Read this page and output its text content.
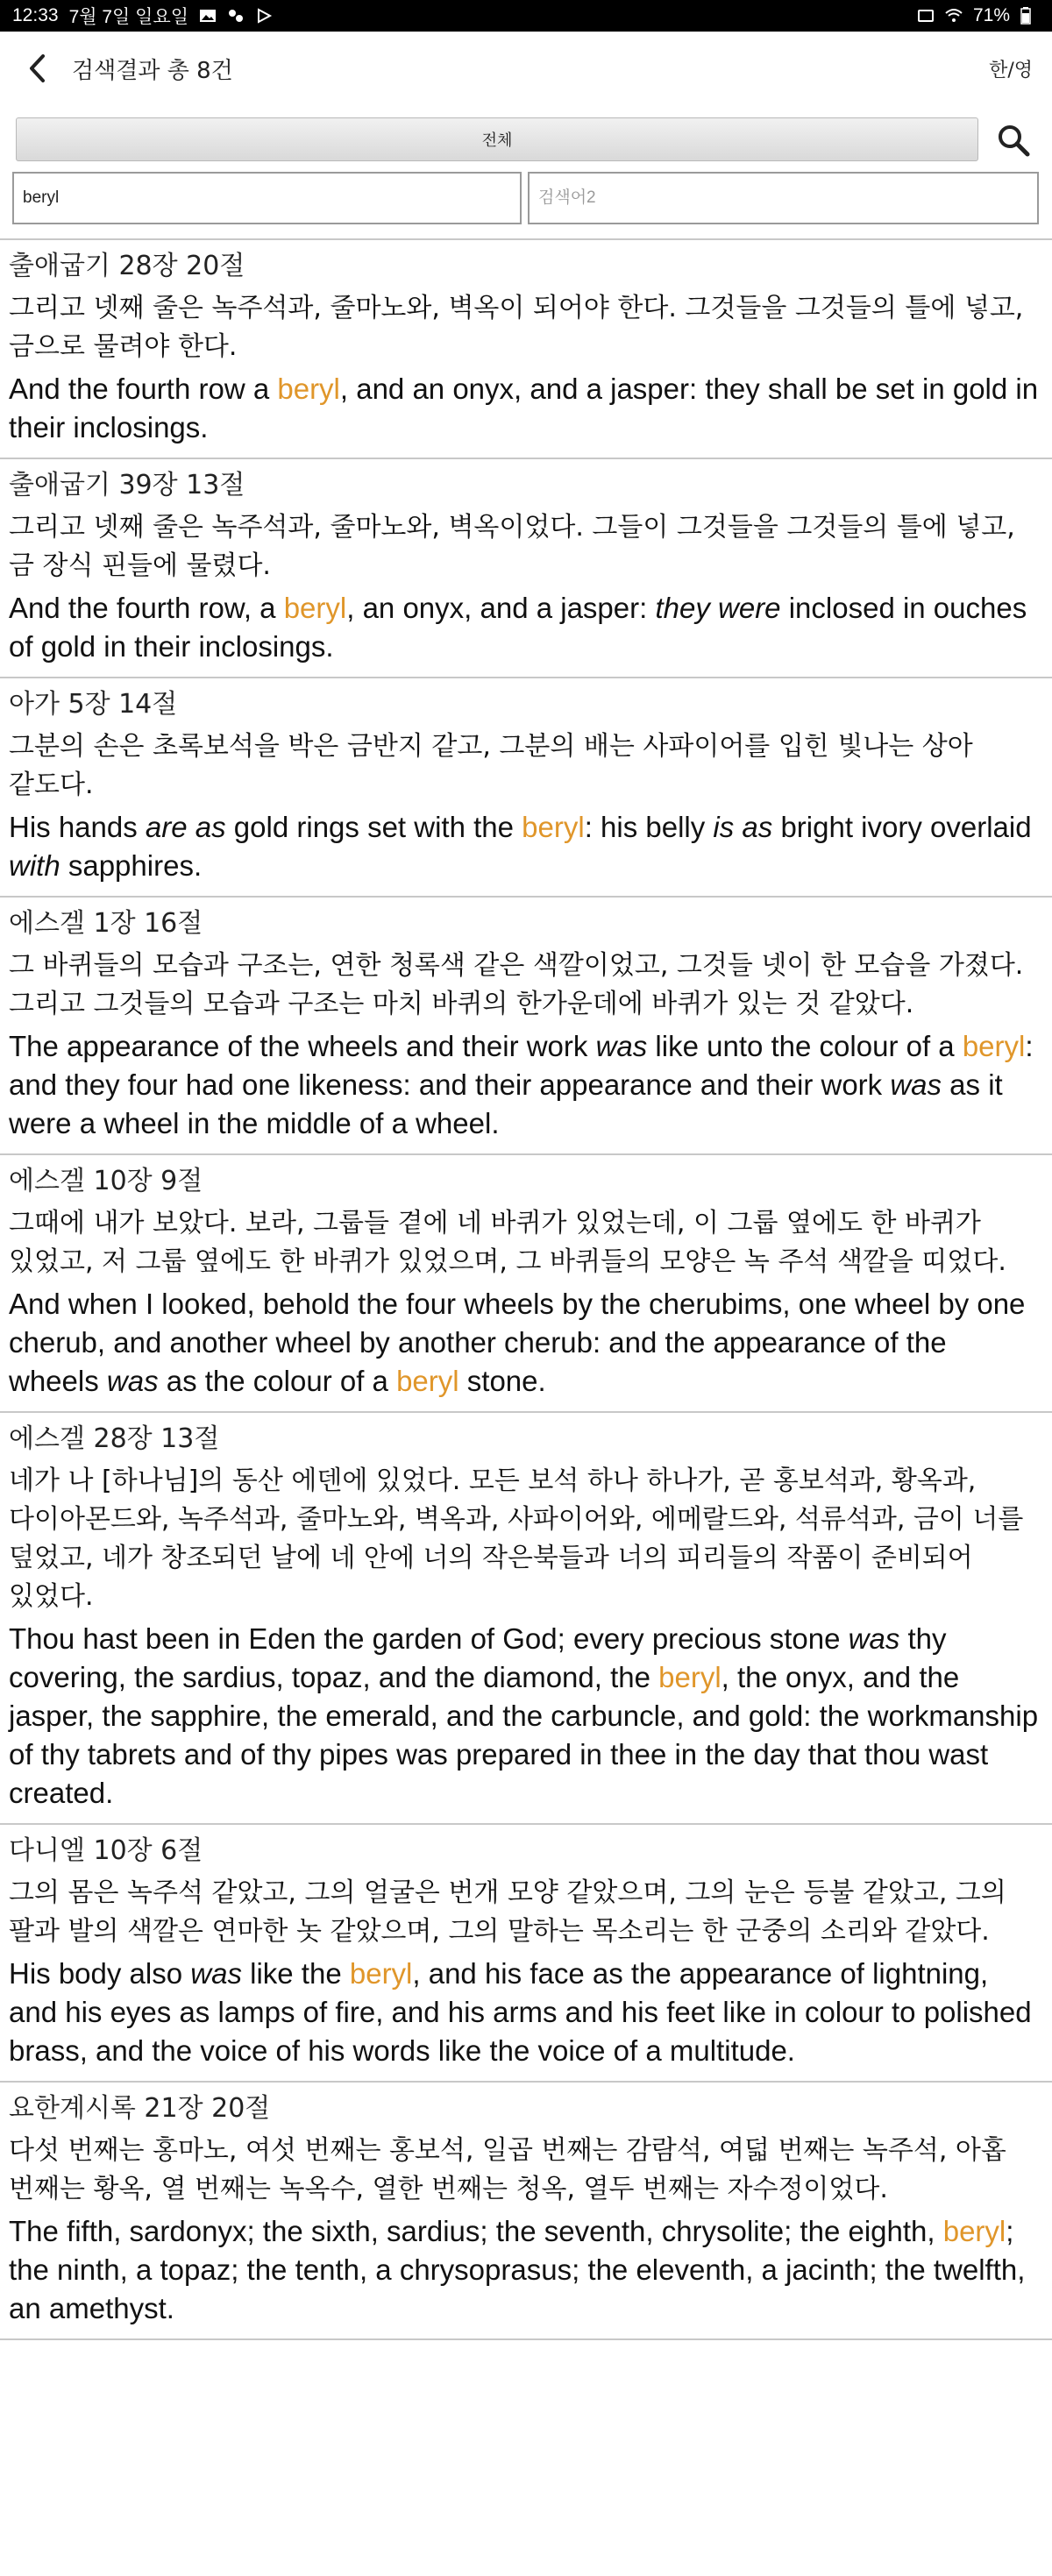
12:33 7월 7일 일요일	71%
검색결과 총 8건	한/영
전체
beryl
검색어2
출애굽기 28장 20절
그리고 넷째 줄은 녹주석과, 줄마노와, 벽옥이 되어야 한다. 그것들을 그것들의 틀에 넣고, 금으로 물려야 한다.
And the fourth row a beryl, and an onyx, and a jasper: they shall be set in gold in their inclosings.
출애굽기 39장 13절
그리고 넷째 줄은 녹주석과, 줄마노와, 벽옥이었다. 그들이 그것들을 그것들의 틀에 넣고, 금 장식 핀들에 물렸다.
And the fourth row, a beryl, an onyx, and a jasper: they were inclosed in ouches of gold in their inclosings.
아가 5장 14절
그분의 손은 초록보석을 박은 금반지 같고, 그분의 배는 사파이어를 입힌 빛나는 상아 같도다.
His hands are as gold rings set with the beryl: his belly is as bright ivory overlaid with sapphires.
에스겔 1장 16절
그 바퀴들의 모습과 구조는, 연한 청록색 같은 색깔이었고, 그것들 넷이 한 모습을 가졌다. 그리고 그것들의 모습과 구조는 마치 바퀴의 한가운데에 바퀴가 있는 것 같았다.
The appearance of the wheels and their work was like unto the colour of a beryl: and they four had one likeness: and their appearance and their work was as it were a wheel in the middle of a wheel.
에스겔 10장 9절
그때에 내가 보았다. 보라, 그룹들 곁에 네 바퀴가 있었는데, 이 그룹 옆에도 한 바퀴가 있었고, 저 그룹 옆에도 한 바퀴가 있었으며, 그 바퀴들의 모양은 녹 주석 색깔을 띠었다.
And when I looked, behold the four wheels by the cherubims, one wheel by one cherub, and another wheel by another cherub: and the appearance of the wheels was as the colour of a beryl stone.
에스겔 28장 13절
네가 나 [하나님]의 동산 에덴에 있었다. 모든 보석 하나 하나가, 곧 홍보석과, 황옥과, 다이아몬드와, 녹주석과, 줄마노와, 벽옥과, 사파이어와, 에메랄드와, 석류석과, 금이 너를 덮었고, 네가 창조되던 날에 네 안에 너의 작은북들과 너의 피리들의 작품이 준비되어 있었다.
Thou hast been in Eden the garden of God; every precious stone was thy covering, the sardius, topaz, and the diamond, the beryl, the onyx, and the jasper, the sapphire, the emerald, and the carbuncle, and gold: the workmanship of thy tabrets and of thy pipes was prepared in thee in the day that thou wast created.
다니엘 10장 6절
그의 몸은 녹주석 같았고, 그의 얼굴은 번개 모양 같았으며, 그의 눈은 등불 같았고, 그의 팔과 발의 색깔은 연마한 놋 같았으며, 그의 말하는 목소리는 한 군중의 소리와 같았다.
His body also was like the beryl, and his face as the appearance of lightning, and his eyes as lamps of fire, and his arms and his feet like in colour to polished brass, and the voice of his words like the voice of a multitude.
요한계시록 21장 20절
다섯 번째는 홍마노, 여섯 번째는 홍보석, 일곱 번째는 감람석, 여덟 번째는 녹주석, 아홉 번째는 황옥, 열 번째는 녹옥수, 열한 번째는 청옥, 열두 번째는 자수정이었다.
The fifth, sardonyx; the sixth, sardius; the seventh, chrysolite; the eighth, beryl; the ninth, a topaz; the tenth, a chrysoprasus; the eleventh, a jacinth; the twelfth, an amethyst.
